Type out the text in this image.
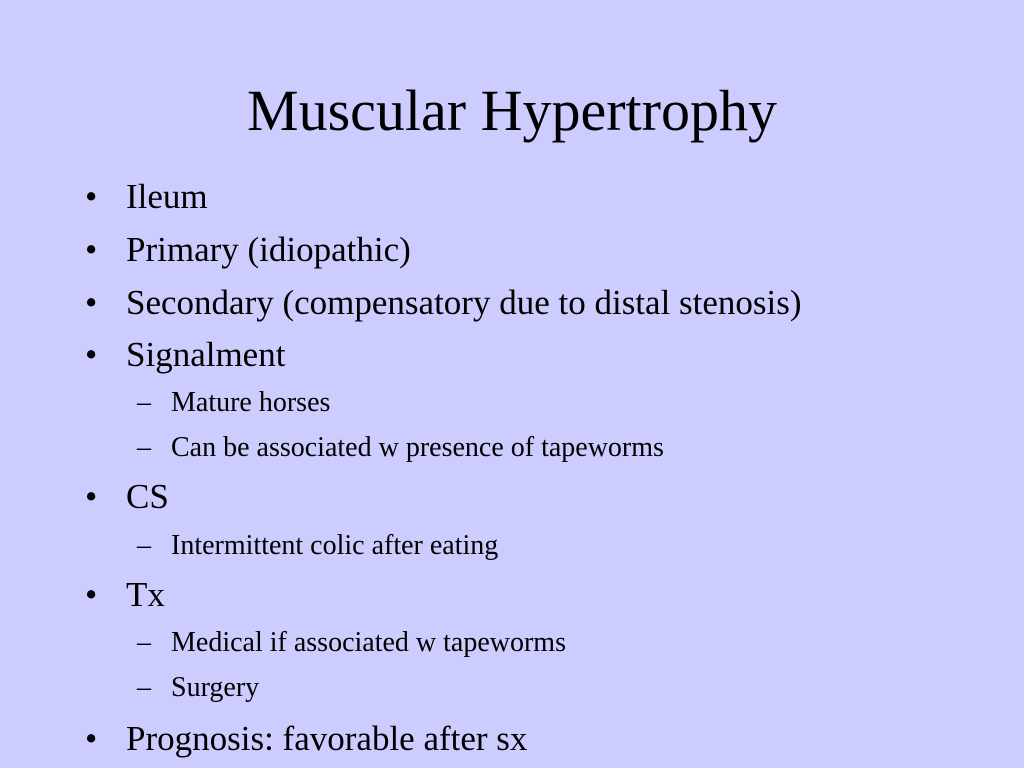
Muscular Hypertrophy
• Ileum
• Primary (idiopathic)
• Secondary (compensatory due to distal stenosis)
• Signalment
– Mature horses
– Can be associated w presence of tapeworms
• CS
– Intermittent colic after eating
• Tx
– Medical if associated w tapeworms
– Surgery
• Prognosis: favorable after sx
